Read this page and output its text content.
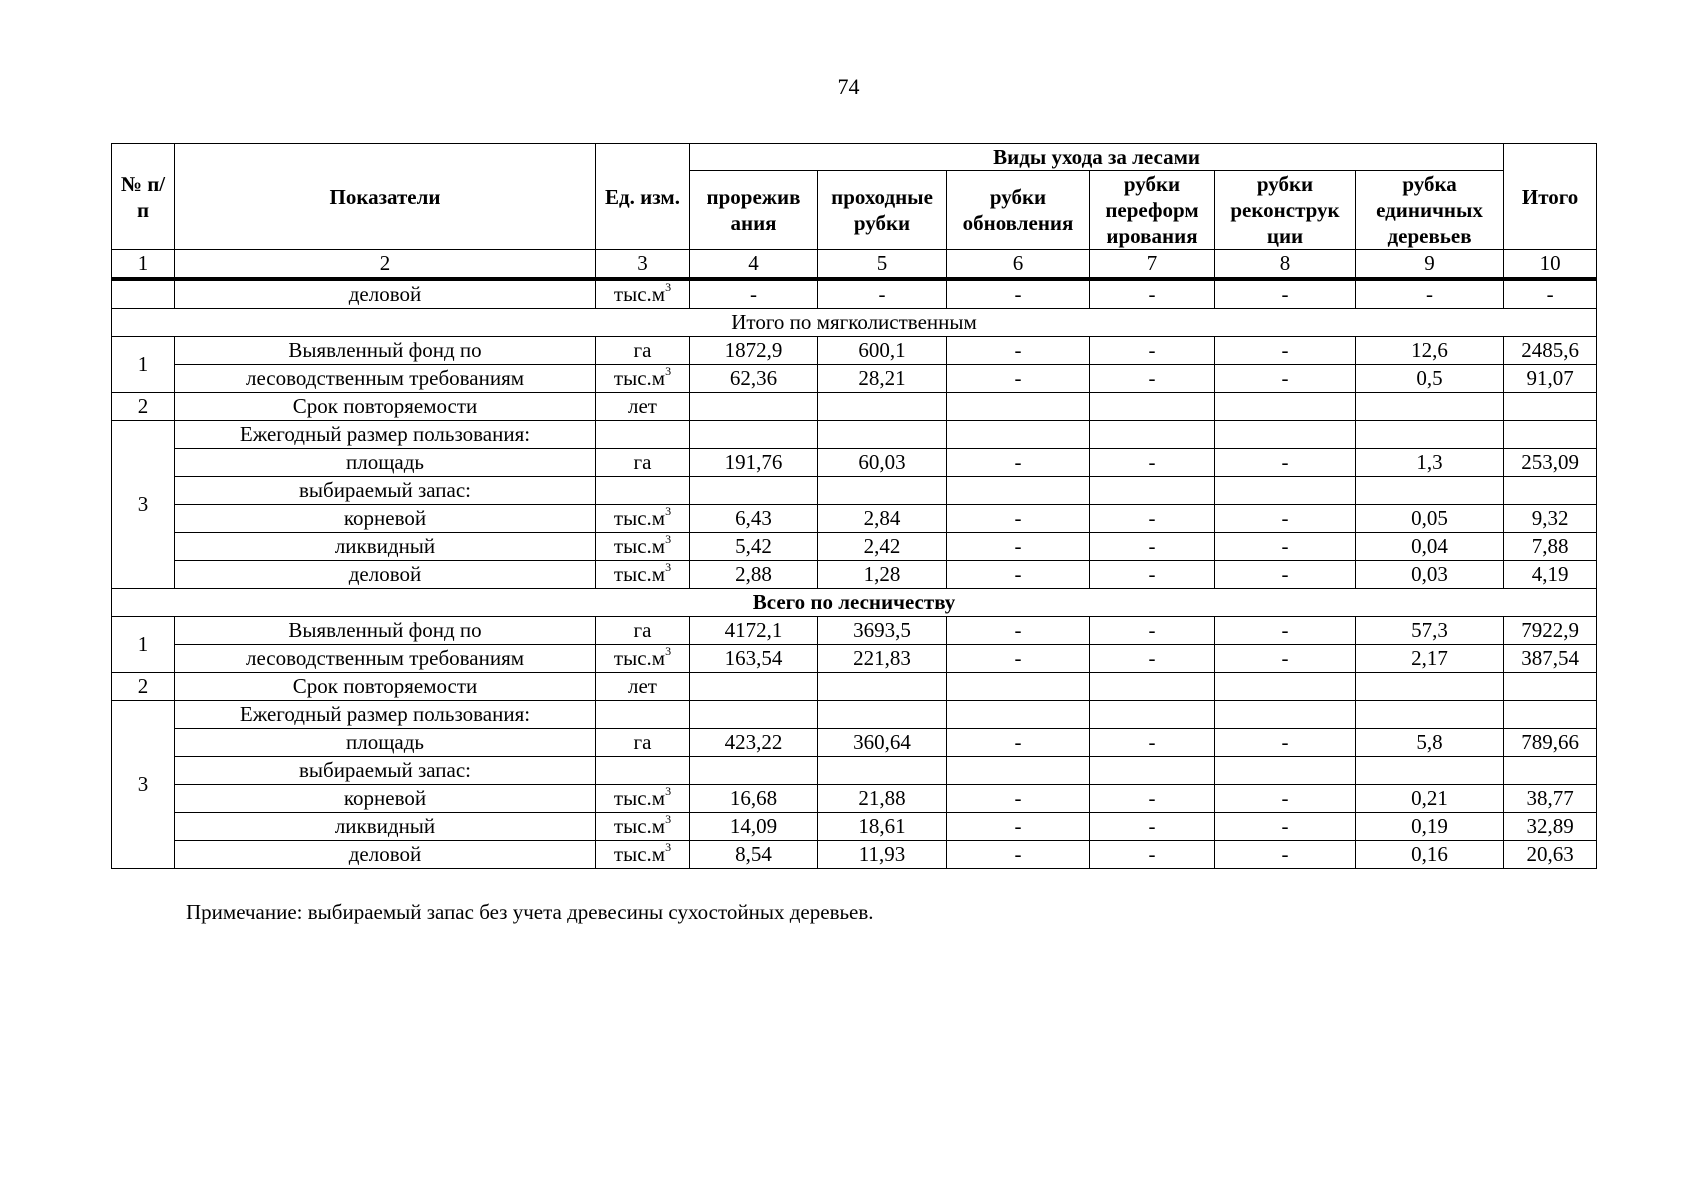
74
№ п/п	Показатели	Ед. изм.	Виды ухода за лесами						Итого
			прорежив ания	проходные рубки	рубки обновления	рубки переформ ирования	рубки реконструк ции	рубка единичных деревьев	
1	2	3	4	5	6	7	8	9	10
	деловой	$тыс.м^3$	-	-	-	-	-	-	-
Итого по мягколиственным									
1	Выявленный фонд по	га	1872,9	600,1	-	-	-	12,6	2485,6
	лесоводственным требованиям	$тыс.м^3$	62,36	28,21	-	-	-	0,5	91,07
2	Срок повторяемости	лет							
3	Ежегодный размер пользования:								
	площадь	га	191,76	60,03	-	-	-	1,3	253,09
	выбираемый запас:								
	корневой	$тыс.м^3$	6,43	2,84	-	-	-	0,05	9,32
	ликвидный	$тыс.м^3$	5,42	2,42	-	-	-	0,04	7,88
	деловой	$тыс.м^3$	2,88	1,28	-	-	-	0,03	4,19
Всего по лесничеству									
1	Выявленный фонд по	га	4172,1	3693,5	-	-	-	57,3	7922,9
	лесоводственным требованиям	$тыс.м^3$	163,54	221,83	-	-	-	2,17	387,54
2	Срок повторяемости	лет							
3	Ежегодный размер пользования:								
	площадь	га	423,22	360,64	-	-	-	5,8	789,66
	выбираемый запас:								
	корневой	$тыс.м^3$	16,68	21,88	-	-	-	0,21	38,77
	ликвидный	$тыс.м^3$	14,09	18,61	-	-	-	0,19	32,89
	деловой	$тыс.м^3$	8,54	11,93	-	-	-	0,16	20,63
Примечание: выбираемый запас без учета древесины сухостойных деревьев.
